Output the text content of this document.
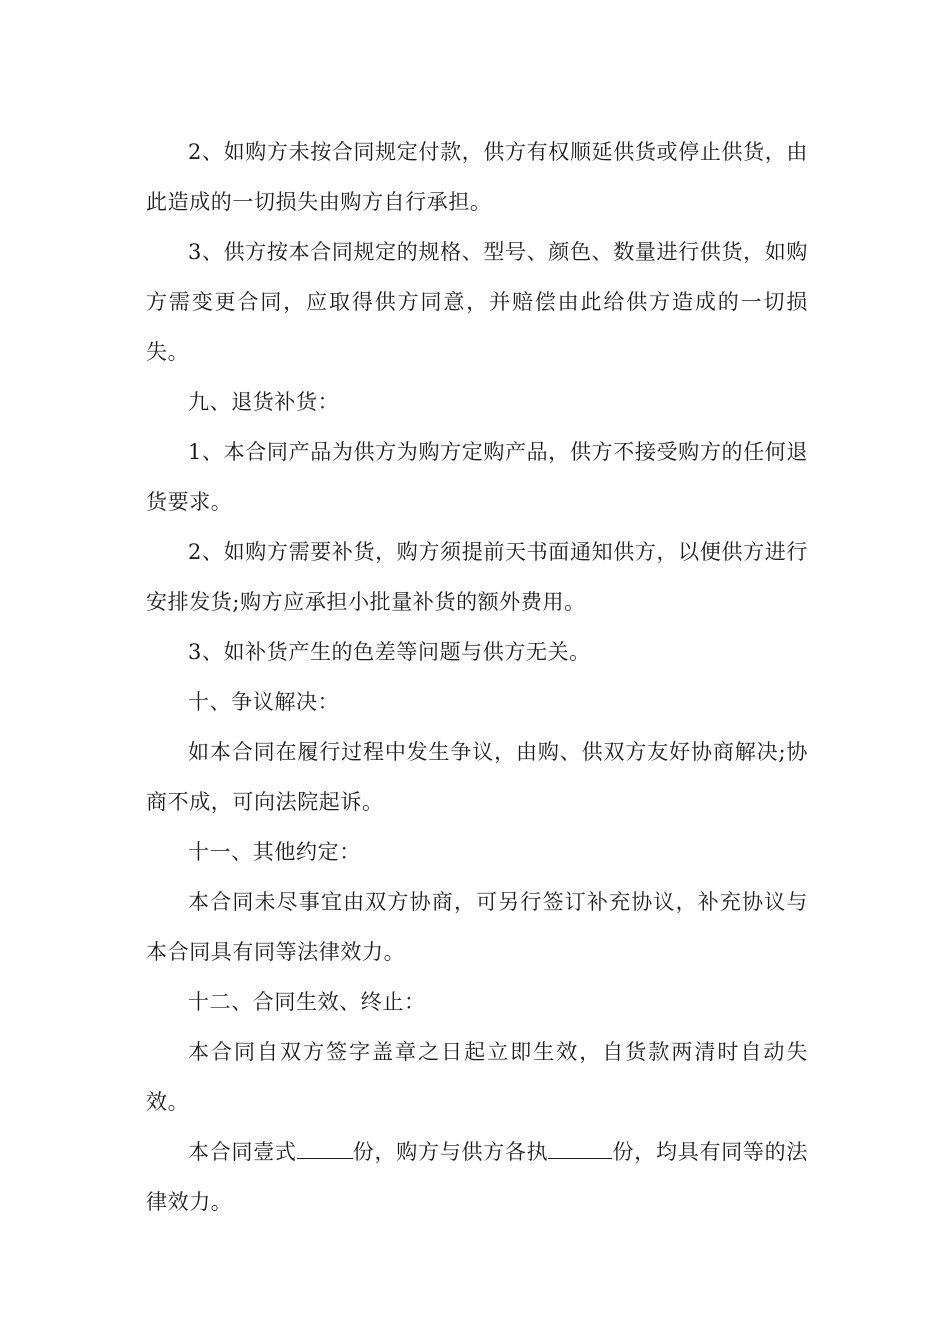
2、如购方未按合同规定付款，供方有权顺延供货或停止供货，由此造成的一切损失由购方自行承担。

3、供方按本合同规定的规格、型号、颜色、数量进行供货，如购方需变更合同，应取得供方同意，并赔偿由此给供方造成的一切损失。

九、退货补货：

1、本合同产品为供方为购方定购产品，供方不接受购方的任何退货要求。

2、如购方需要补货，购方须提前天书面通知供方，以便供方进行安排发货;购方应承担小批量补货的额外费用。

3、如补货产生的色差等问题与供方无关。

十、争议解决：

如本合同在履行过程中发生争议，由购、供双方友好协商解决;协商不成，可向法院起诉。

十一、其他约定：

本合同未尽事宜由双方协商，可另行签订补充协议，补充协议与本合同具有同等法律效力。

十二、合同生效、终止：

本合同自双方签字盖章之日起立即生效，自货款两清时自动失效。

本合同壹式	份，购方与供方各执	份，均具有同等的法律效力。
